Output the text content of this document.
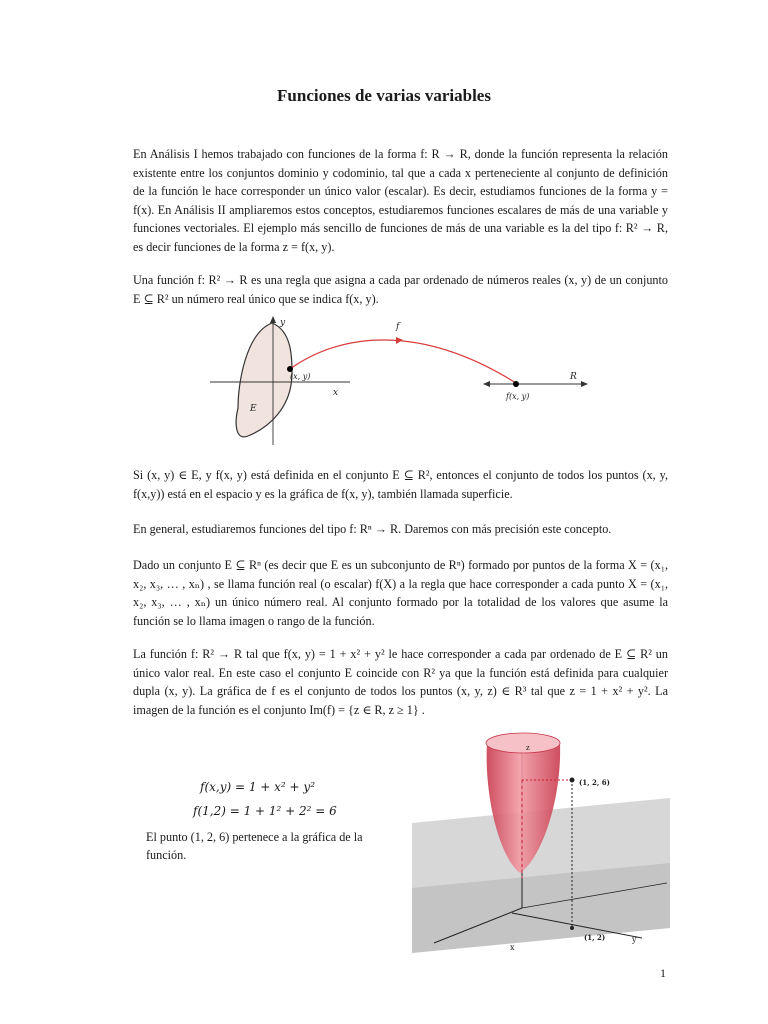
Funciones de varias variables

En Análisis I hemos trabajado con funciones de la forma f: R → R, donde la función representa la relación existente entre los conjuntos dominio y codominio, tal que a cada x perteneciente al conjunto de definición de la función le hace corresponder un único valor (escalar). Es decir, estudiamos funciones de la forma y = f(x). En Análisis II ampliaremos estos conceptos, estudiaremos funciones escalares de más de una variable y funciones vectoriales. El ejemplo más sencillo de funciones de más de una variable es la del tipo f: R² → R, es decir funciones de la forma z = f(x, y).

Una función f: R² → R es una regla que asigna a cada par ordenado de números reales (x, y) de un conjunto E ⊆ R² un número real único que se indica f(x, y).

y
x
f
(x, y)
E
R
f(x, y)

Si (x, y) ∈ E, y f(x, y) está definida en el conjunto E ⊆ R², entonces el conjunto de todos los puntos (x, y, f(x,y)) está en el espacio y es la gráfica de f(x, y), también llamada superficie.

En general, estudiaremos funciones del tipo f: Rⁿ → R. Daremos con más precisión este concepto.

Dado un conjunto E ⊆ Rⁿ (es decir que E es un subconjunto de Rⁿ) formado por puntos de la forma X = (x₁, x₂, x₃, … , xₙ) , se llama función real (o escalar) f(X) a la regla que hace corresponder a cada punto X = (x₁, x₂, x₃, … , xₙ) un único número real. Al conjunto formado por la totalidad de los valores que asume la función se lo llama imagen o rango de la función.

La función f: R² → R tal que f(x, y) = 1 + x² + y² le hace corresponder a cada par ordenado de E ⊆ R² un único valor real. En este caso el conjunto E coincide con R² ya que la función está definida para cualquier dupla (x, y). La gráfica de f es el conjunto de todos los puntos (x, y, z) ∈ R³ tal que z = 1 + x² + y². La imagen de la función es el conjunto Im(f) = {z ∈ R, z ≥ 1} .

f(x,y) = 1 + x² + y²
f(1,2) = 1 + 1² + 2² = 6

El punto (1, 2, 6) pertenece a la gráfica de la función.

z
(1, 2, 6)
(1, 2)
x
y
1
